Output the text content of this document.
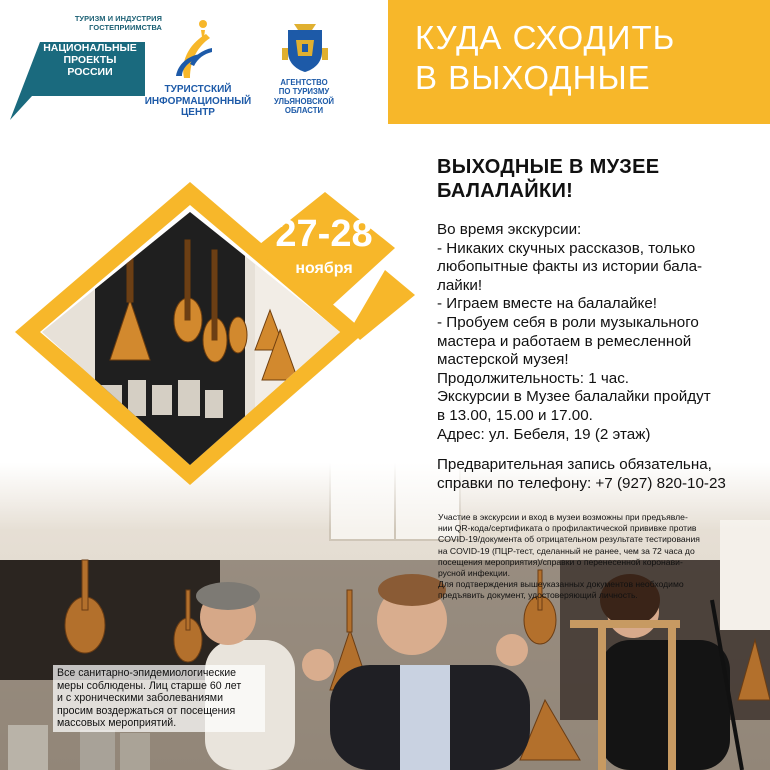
ТУРИЗМ И ИНДУСТРИЯ
ГОСТЕПРИИМСТВА
НАЦИОНАЛЬНЫЕ
ПРОЕКТЫ
РОССИИ
ТУРИСТСКИЙ
ИНФОРМАЦИОННЫЙ
ЦЕНТР
АГЕНТСТВО
ПО ТУРИЗМУ
УЛЬЯНОВСКОЙ
ОБЛАСТИ
КУДА СХОДИТЬ
В ВЫХОДНЫЕ
27-28
ноября
ВЫХОДНЫЕ В МУЗЕЕ
БАЛАЛАЙКИ!
Во время экскурсии:
- Никаких скучных рассказов, только
любопытные факты из истории бала-
лайки!
- Играем вместе на балалайке!
- Пробуем себя в роли музыкального
мастера и работаем в ремесленной
мастерской музея!
Продолжительность: 1 час.
Экскурсии в Музее балалайки пройдут
в 13.00, 15.00 и 17.00.
Адрес: ул. Бебеля, 19 (2 этаж)
Предварительная запись обязательна,
справки по телефону: +7 (927) 820-10-23
Участие в экскурсии и вход в музеи возможны при предъявле-
нии QR-кода/сертификата о профилактической прививке против
COVID-19/документа об отрицательном результате тестирования
на COVID-19 (ПЦР-тест, сделанный не ранее, чем за 72 часа до
посещения мероприятия)/справки о перенесенной коронави-
русной инфекции.
Для подтверждения вышеуказанных документов необходимо
предъявить документ, удостоверяющий личность.
Все санитарно-эпидемиологические
меры соблюдены. Лиц старше 60 лет
и с хроническими заболеваниями
просим воздержаться от посещения
массовых мероприятий.
